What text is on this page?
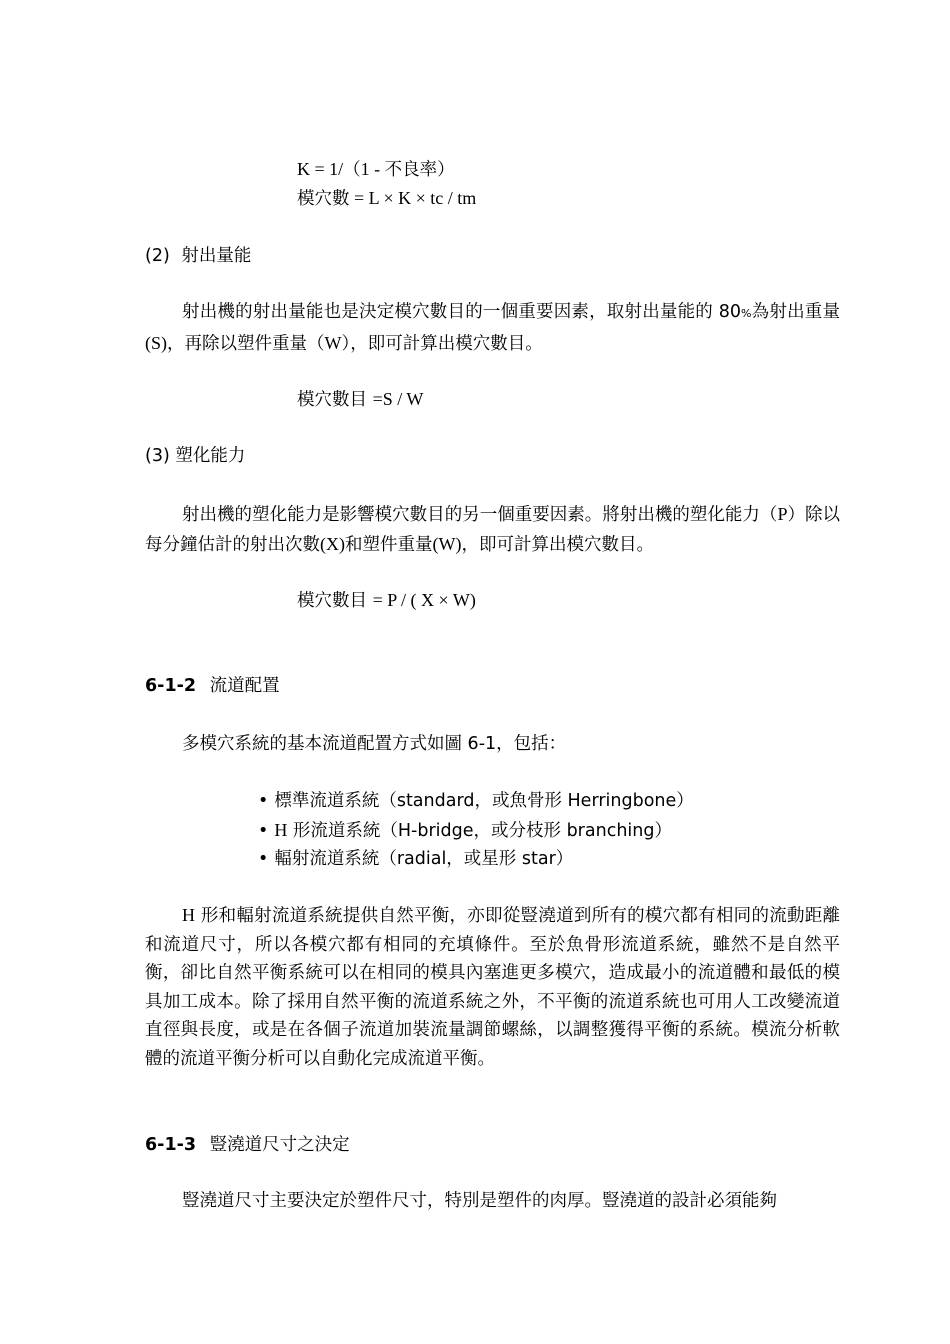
K = 1/（1 - 不良率）
模穴數 = L × K × tc / tm
(2) 射出量能
射出機的射出量能也是決定模穴數目的一個重要因素，取射出量能的 80%為射出重量(S)，再除以塑件重量（W），即可計算出模穴數目。
模穴數目 =S / W
(3) 塑化能力
射出機的塑化能力是影響模穴數目的另一個重要因素。將射出機的塑化能力（P）除以每分鐘估計的射出次數(X)和塑件重量(W)，即可計算出模穴數目。
模穴數目 = P / ( X × W)
6-1-2 流道配置
多模穴系統的基本流道配置方式如圖 6-1，包括：
• 標準流道系統（standard，或魚骨形 Herringbone）
• H 形流道系統（H-bridge，或分枝形 branching）
• 輻射流道系統（radial，或星形 star）
H 形和輻射流道系統提供自然平衡，亦即從豎澆道到所有的模穴都有相同的流動距離和流道尺寸，所以各模穴都有相同的充填條件。至於魚骨形流道系統，雖然不是自然平衡，卻比自然平衡系統可以在相同的模具內塞進更多模穴，造成最小的流道體和最低的模具加工成本。除了採用自然平衡的流道系統之外，不平衡的流道系統也可用人工改變流道直徑與長度，或是在各個子流道加裝流量調節螺絲，以調整獲得平衡的系統。模流分析軟體的流道平衡分析可以自動化完成流道平衡。
6-1-3 豎澆道尺寸之決定
豎澆道尺寸主要決定於塑件尺寸，特別是塑件的肉厚。豎澆道的設計必須能夠
